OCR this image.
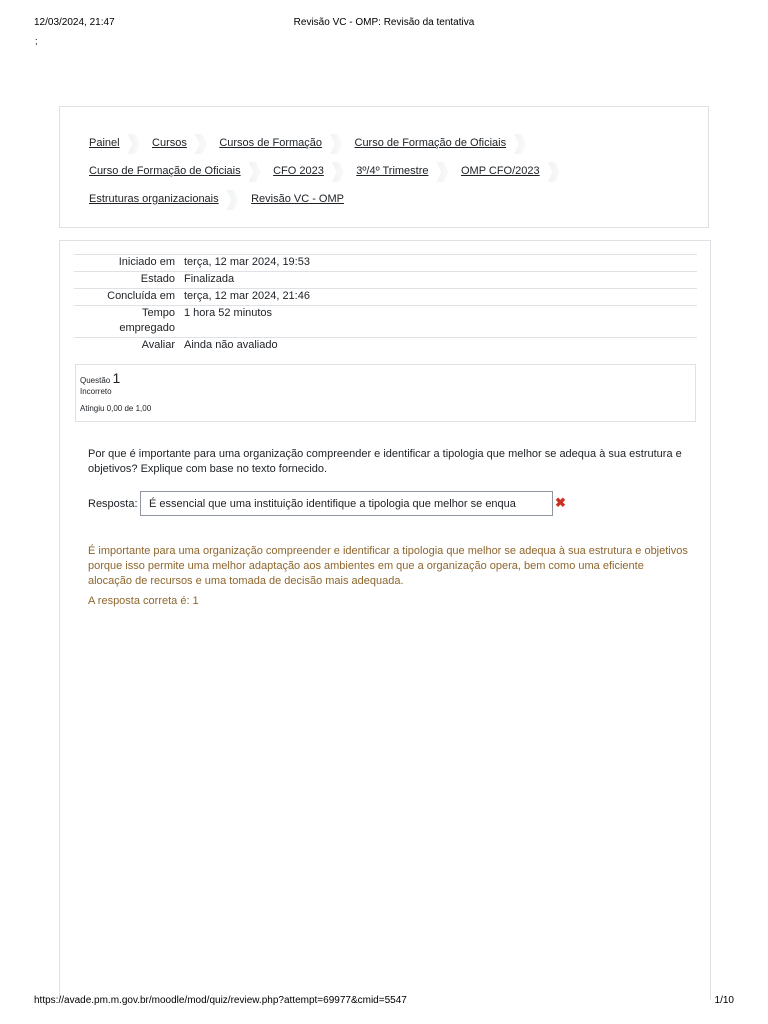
12/03/2024, 21:47	Revisão VC - OMP: Revisão da tentativa
;
Painel	Cursos	Cursos de Formação	Curso de Formação de Oficiais
Curso de Formação de Oficiais	CFO 2023	3º/4º Trimestre	OMP CFO/2023
Estruturas organizacionais	Revisão VC - OMP
Iniciado em terça, 12 mar 2024, 19:53
Estado Finalizada
Concluída em terça, 12 mar 2024, 21:46
Tempo
empregado
1 hora 52 minutos
Avaliar Ainda não avaliado
Questão 1
Incorreto
Atingiu 0,00 de 1,00
Por que é importante para uma organização compreender e identificar a tipologia que melhor se adequa à sua estrutura e objetivos? Explique com base no texto fornecido.
Resposta:	É essencial que uma instituição identifique a tipologia que melhor se enqua	✖
É importante para uma organização compreender e identificar a tipologia que melhor se adequa à sua estrutura e objetivos porque isso permite uma melhor adaptação aos ambientes em que a organização opera, bem como uma eficiente alocação de recursos e uma tomada de decisão mais adequada.
A resposta correta é: 1
https://avade.pm.m.gov.br/moodle/mod/quiz/review.php?attempt=69977&cmid=5547	1/10
